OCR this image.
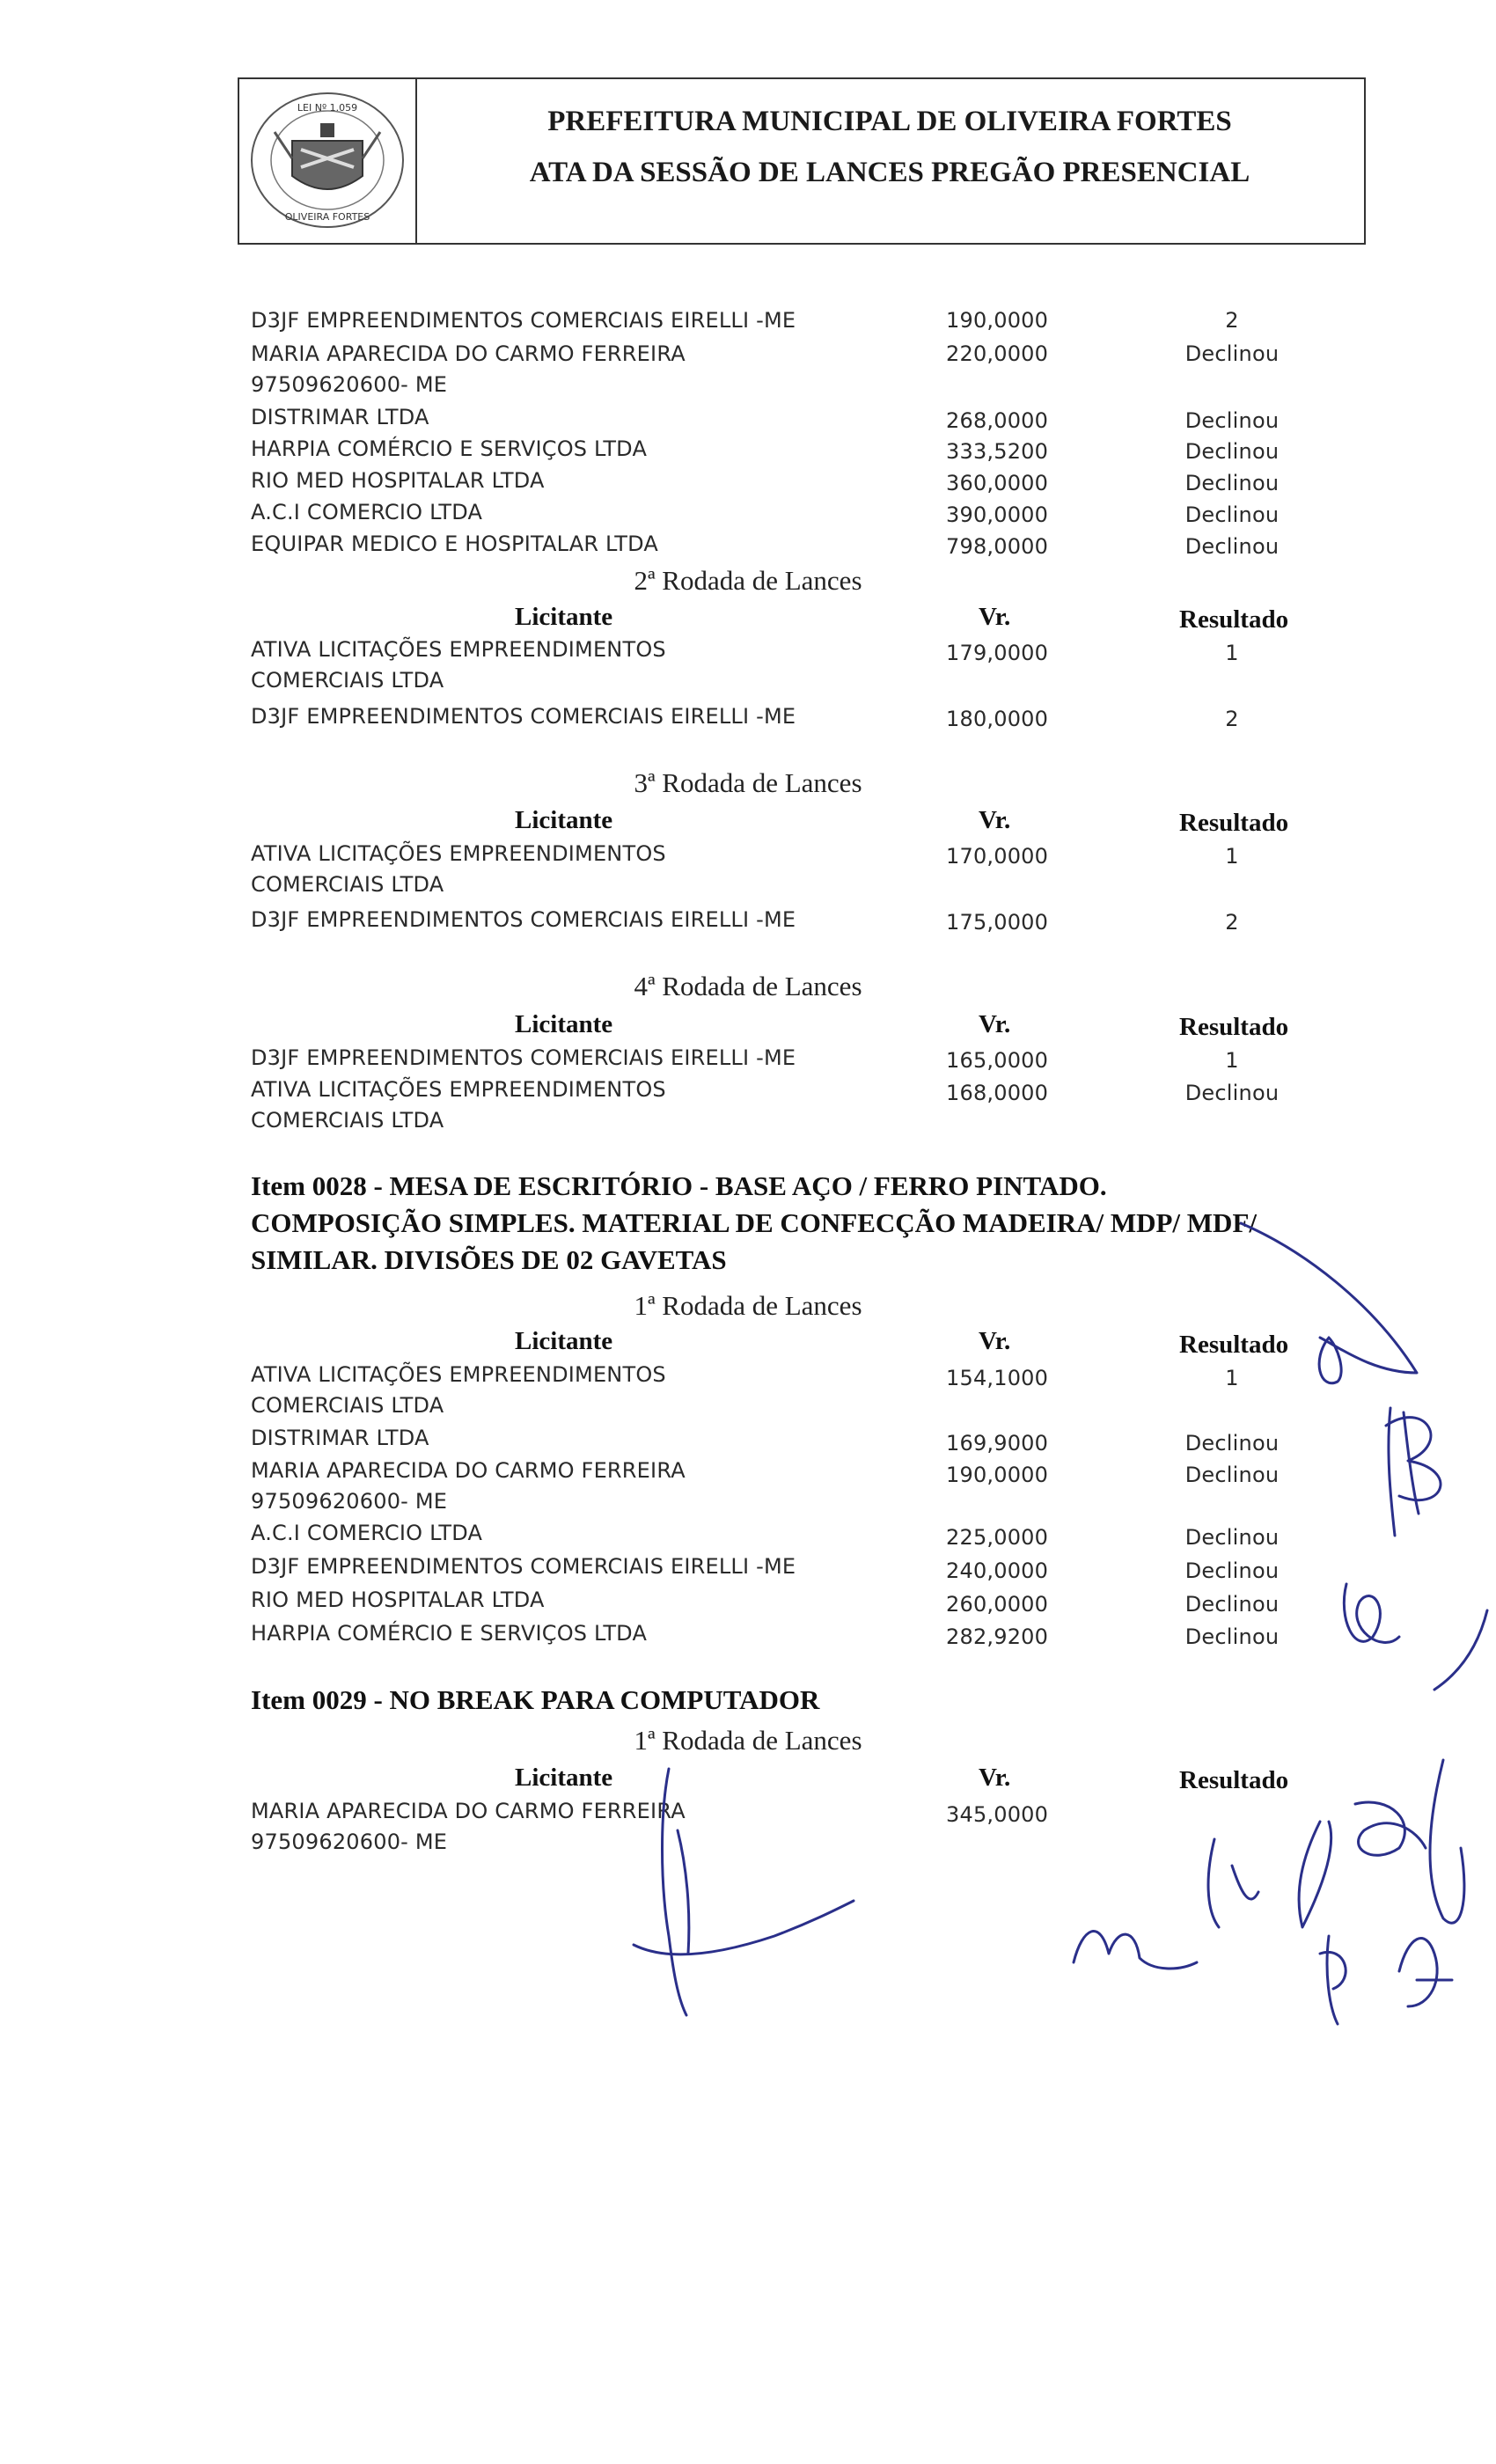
LEI Nº 1.059
OLIVEIRA FORTES
PREFEITURA MUNICIPAL DE OLIVEIRA FORTES
ATA DA SESSÃO DE LANCES PREGÃO PRESENCIAL
D3JF EMPREENDIMENTOS COMERCIAIS EIRELLI -ME	190,0000	2
MARIA APARECIDA DO CARMO FERREIRA
97509620600- ME
220,0000	Declinou
DISTRIMAR LTDA	268,0000	Declinou
HARPIA COMÉRCIO E SERVIÇOS LTDA	333,5200	Declinou
RIO MED HOSPITALAR LTDA	360,0000	Declinou
A.C.I COMERCIO LTDA	390,0000	Declinou
EQUIPAR MEDICO E HOSPITALAR LTDA	798,0000	Declinou
2ª Rodada de Lances
Licitante	Vr.	Resultado
ATIVA LICITAÇÕES EMPREENDIMENTOS
COMERCIAIS LTDA
179,0000	1
D3JF EMPREENDIMENTOS COMERCIAIS EIRELLI -ME	180,0000	2
3ª Rodada de Lances
Licitante	Vr.	Resultado
ATIVA LICITAÇÕES EMPREENDIMENTOS
COMERCIAIS LTDA
170,0000	1
D3JF EMPREENDIMENTOS COMERCIAIS EIRELLI -ME	175,0000	2
4ª Rodada de Lances
Licitante	Vr.	Resultado
D3JF EMPREENDIMENTOS COMERCIAIS EIRELLI -ME	165,0000	1
ATIVA LICITAÇÕES EMPREENDIMENTOS
COMERCIAIS LTDA
168,0000	Declinou
Item 0028 - MESA DE ESCRITÓRIO - BASE AÇO / FERRO PINTADO.
COMPOSIÇÃO SIMPLES. MATERIAL DE CONFECÇÃO MADEIRA/ MDP/ MDF/
SIMILAR. DIVISÕES DE 02 GAVETAS
1ª Rodada de Lances
Licitante	Vr.	Resultado
ATIVA LICITAÇÕES EMPREENDIMENTOS
COMERCIAIS LTDA
154,1000	1
DISTRIMAR LTDA	169,9000	Declinou
MARIA APARECIDA DO CARMO FERREIRA
97509620600- ME
190,0000	Declinou
A.C.I COMERCIO LTDA	225,0000	Declinou
D3JF EMPREENDIMENTOS COMERCIAIS EIRELLI -ME	240,0000	Declinou
RIO MED HOSPITALAR LTDA	260,0000	Declinou
HARPIA COMÉRCIO E SERVIÇOS LTDA	282,9200	Declinou
Item 0029 - NO BREAK PARA COMPUTADOR
1ª Rodada de Lances
Licitante	Vr.	Resultado
MARIA APARECIDA DO CARMO FERREIRA
97509620600- ME
345,0000
